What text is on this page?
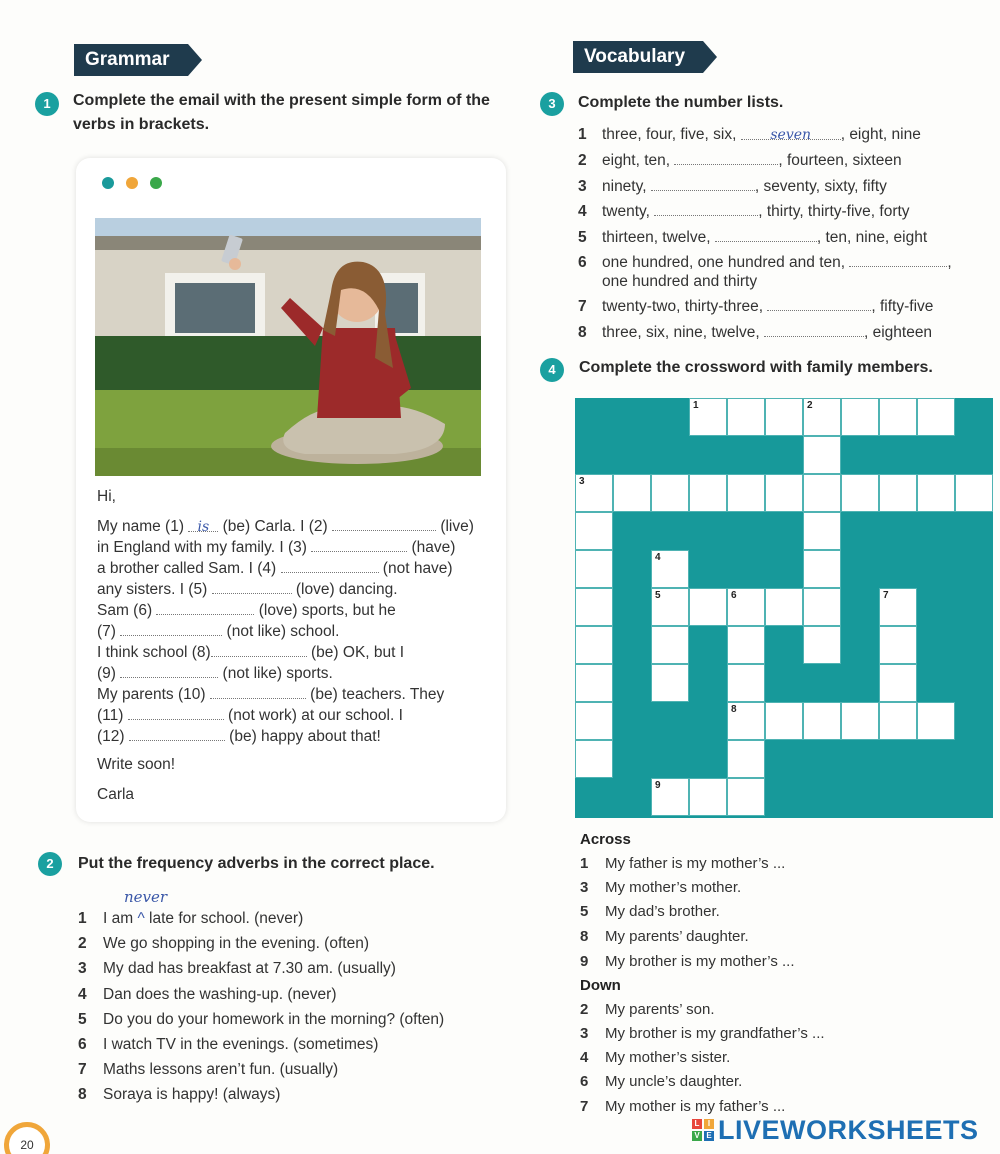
Grammar	Vocabulary
1	Complete the email with the present simple form of the
verbs in brackets.
Hi,
My name (1) is (be) Carla. I (2)	(live)
in England with my family. I (3)	(have)
a brother called Sam. I (4)	(not have)
any sisters. I (5)	(love) dancing.
Sam (6)	(love) sports, but he
(7)	(not like) school.
I think school (8)	(be) OK, but I
(9)	(not like) sports.
My parents (10)	(be) teachers. They
(11)	(not work) at our school. I
(12)	(be) happy about that!
Write soon!
Carla
2	Put the frequency adverbs in the correct place.
never
1 I am ^ late for school. (never)
2 We go shopping in the evening. (often)
3 My dad has breakfast at 7.30 am. (usually)
4 Dan does the washing-up. (never)
5 Do you do your homework in the morning? (often)
6 I watch TV in the evenings. (sometimes)
7 Maths lessons aren’t fun. (usually)
8 Soraya is happy! (always)
3	Complete the number lists.
1 three, four, five, six, seven , eight, nine
2 eight, ten,	, fourteen, sixteen
3 ninety,	, seventy, sixty, fifty
4 twenty,	, thirty, thirty-five, forty
5 thirteen, twelve,	, ten, nine, eight
6 one hundred, one hundred and ten,	,
one hundred and thirty
7 twenty-two, thirty-three,	, fifty-five
8 three, six, nine, twelve,	, eighteen
4	Complete the crossword with family members.
1	2
3
4
5	6
8
7
9
Across
1 My father is my mother’s ...
3 My mother’s mother.
5 My dad’s brother.
8 My parents’ daughter.
9 My brother is my mother’s ...
Down
2 My parents’ son.
3 My brother is my grandfather’s ...
4 My mother’s sister.
6 My uncle’s daughter.
7 My mother is my father’s ...
20
L	I
V E LIVEWORKSHEETS
